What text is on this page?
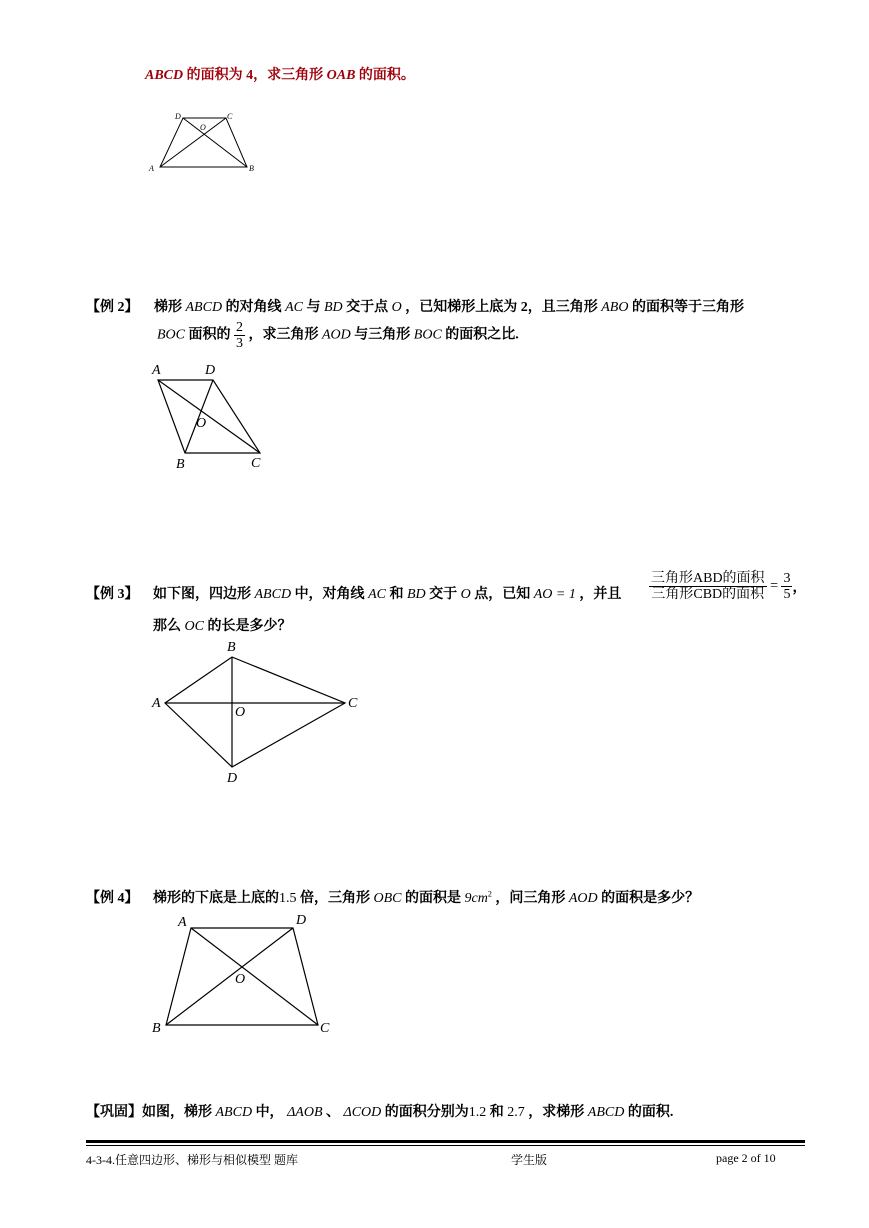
ABCD 的面积为 4，求三角形 OAB 的面积。
D	C
O
A	B
【例 2】 梯形 ABCD 的对角线 AC 与 BD 交于点 O ，已知梯形上底为 2，且三角形 ABO 的面积等于三角形
BOC 面积的 $\frac{2}{3}$ ，求三角形 AOD 与三角形 BOC 的面积之比.
A	D
O
B	C
【例 3】 如下图，四边形 ABCD 中，对角线 AC 和 BD 交于 O 点，已知 AO = 1 ，并且 $\frac{\text{三角形ABD的面积}}{\text{三角形CBD的面积}} = \frac{3}{5}$ ，
那么 OC 的长是多少？
B
A	C
O
D
【例 4】 梯形的下底是上底的1.5 倍，三角形 OBC 的面积是 $9cm^2$ ，问三角形 AOD 的面积是多少？
A	D
O
B	C
【巩固】如图，梯形 ABCD 中， ΔAOB 、 ΔCOD 的面积分别为1.2 和 2.7 ，求梯形 ABCD 的面积.
4-3-4.任意四边形、梯形与相似模型 题库	学生版	page 2 of 10
